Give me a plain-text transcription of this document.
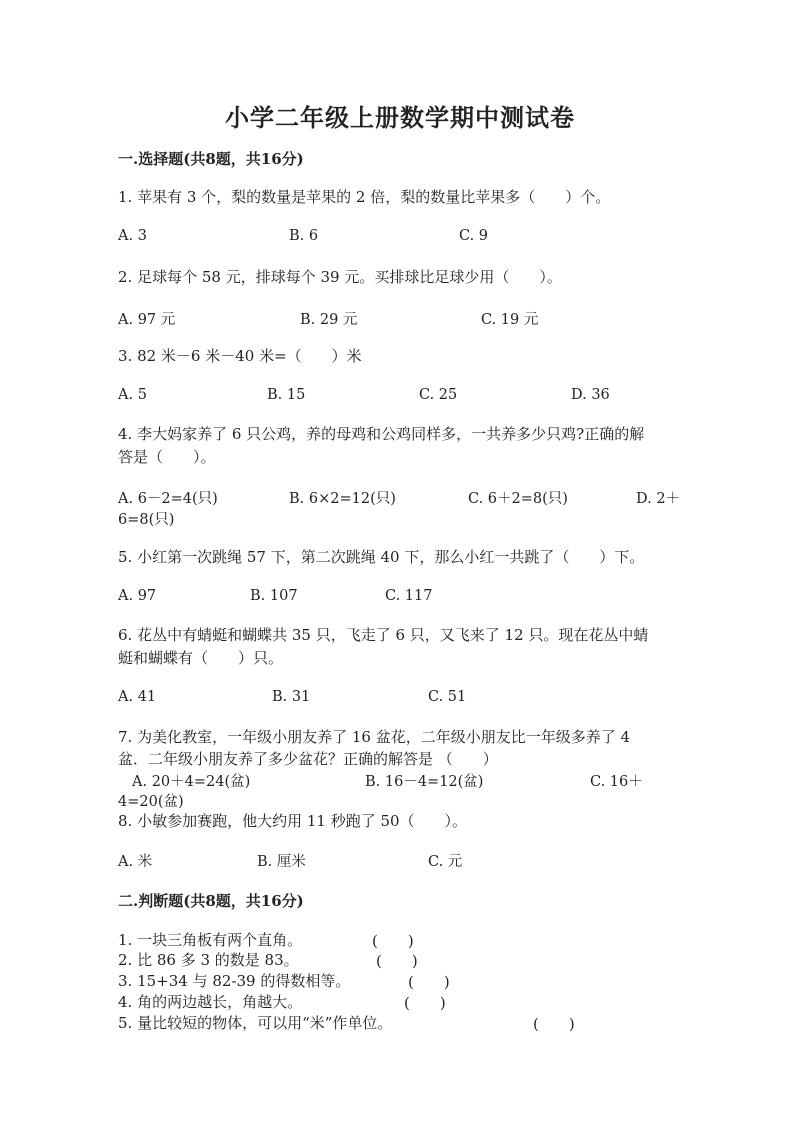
小学二年级上册数学期中测试卷
一.选择题(共8题，共16分)
1. 苹果有 3 个，梨的数量是苹果的 2 倍，梨的数量比苹果多（　　）个。
A. 3	B. 6	C. 9
2. 足球每个 58 元，排球每个 39 元。买排球比足球少用（　　）。
A. 97 元	B. 29 元	C. 19 元
3. 82 米－6 米－40 米=（　　）米
A. 5	B. 15	C. 25	D. 36
4. 李大妈家养了 6 只公鸡，养的母鸡和公鸡同样多，一共养多少只鸡?正确的解
答是（　　）。
A. 6－2=4(只)	B. 6×2=12(只)	C. 6＋2=8(只)	D. 2＋
6=8(只)
5. 小红第一次跳绳 57 下，第二次跳绳 40 下，那么小红一共跳了（　　）下。
A. 97	B. 107	C. 117
6. 花丛中有蜻蜓和蝴蝶共 35 只，飞走了 6 只，又飞来了 12 只。现在花丛中蜻
蜓和蝴蝶有（　　）只。
A. 41	B. 31	C. 51
7. 为美化教室，一年级小朋友养了 16 盆花，二年级小朋友比一年级多养了 4
盆．二年级小朋友养了多少盆花？正确的解答是 （　　）
A. 20＋4=24(盆)	B. 16－4=12(盆)	C. 16＋
4=20(盆)
8. 小敏参加赛跑，他大约用 11 秒跑了 50（　　）。
A. 米	B. 厘米	C. 元
二.判断题(共8题，共16分)
1. 一块三角板有两个直角。	(　　)
2. 比 86 多 3 的数是 83。	(　　)
3. 15+34 与 82-39 的得数相等。	(　　)
4. 角的两边越长，角越大。	(　　)
5. 量比较短的物体，可以用“米”作单位。	(　　)
